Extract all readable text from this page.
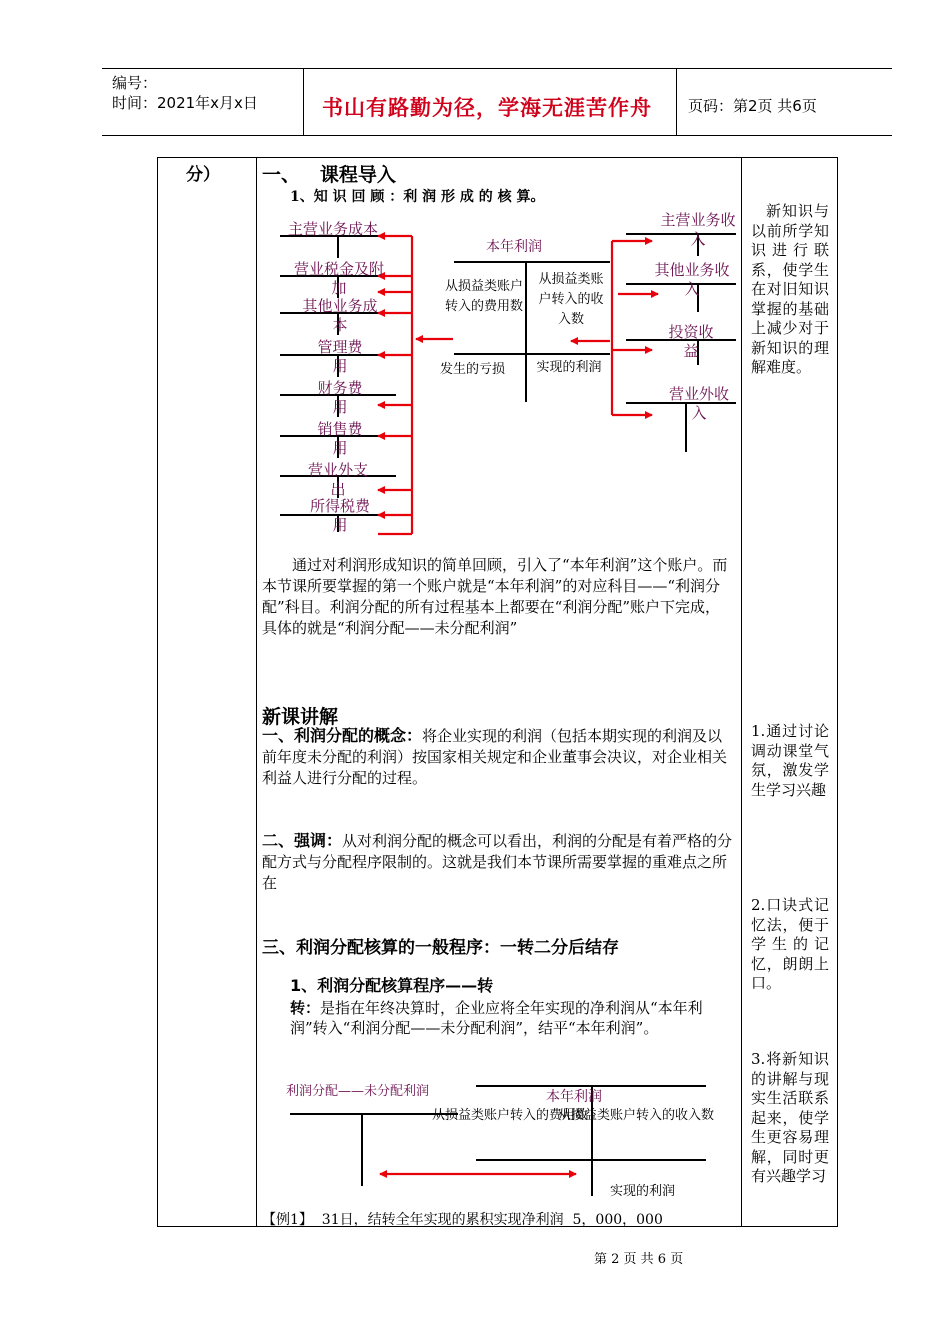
编号：
时间：2021年x月x日	书山有路勤为径，学海无涯苦作舟 页码：第2页 共6页
分） 一、   课程导入
1、知 识 回 顾 ：利 润 形 成 的 核 算。
主营业务成本
营业税金及附加
其他业务成本
管理费用
财务费用
销售费用
营业外支出
所得税费用
主营业务收入
其他业务收入
投资收益
营业外收入
本年利润
从损益类账户转入的费用数
从损益类账户转入的收入数
发生的亏损 实现的利润
通过对利润形成知识的简单回顾，引入了“本年利润”这个账户。而本节课所要掌握的第一个账户就是“本年利润”的对应科目——“利润分配”科目。利润分配的所有过程基本上都要在“利润分配”账户下完成，具体的就是“利润分配——未分配利润”
新课讲解
一、利润分配的概念：将企业实现的利润（包括本期实现的利润及以前年度未分配的利润）按国家相关规定和企业董事会决议，对企业相关利益人进行分配的过程。
二、强调：从对利润分配的概念可以看出，利润的分配是有着严格的分配方式与分配程序限制的。这就是我们本节课所需要掌握的重难点之所在
三、利润分配核算的一般程序：一转二分后结存
1、利润分配核算程序——转
转：是指在年终决算时，企业应将全年实现的净利润从“本年利润”转入“利润分配——未分配利润”，结平“本年利润”。
利润分配——未分配利润	本年利润
从损益类账户转入的费用数
从损益类账户转入的收入数
实现的利润
【例1】  31日，结转全年实现的累积实现净利润  5，000，000
新知识与以前所学知识进行联系，使学生在对旧知识掌握的基础上减少对于新知识的理解难度。
1.通过讨论调动课堂气氛，激发学生学习兴趣
2.口诀式记忆法，便于学生的记忆，朗朗上口。
3.将新知识的讲解与现实生活联系起来，使学生更容易理解，同时更有兴趣学习
第 2 页 共 6 页
